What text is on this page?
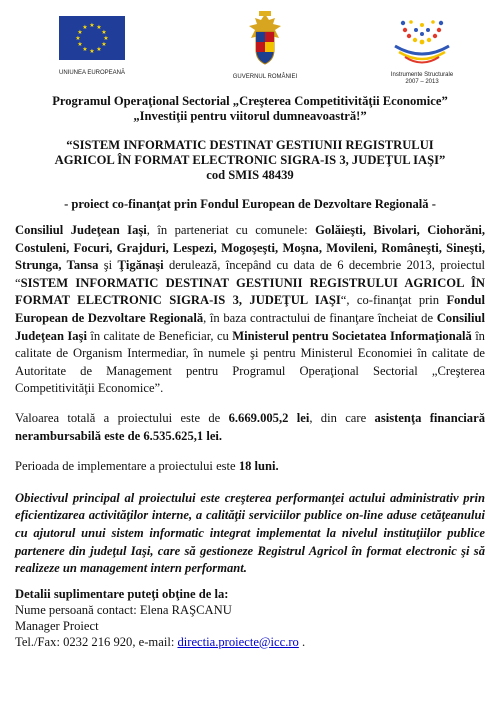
★ ★
★
★
★
★
★
★
★
★
★
★
UNIUNEA EUROPEANĂ
GUVERNUL ROMÂNIEI	Instrumente Structurale
2007 – 2013
Programul Operaţional Sectorial „Creşterea Competitivităţii Economice”
„Investiţii pentru viitorul dumneavoastră!”
“SISTEM INFORMATIC DESTINAT GESTIUNII REGISTRULUI
AGRICOL ÎN FORMAT ELECTRONIC SIGRA-IS 3, JUDEŢUL IAŞI”
cod SMIS 48439
- proiect co-finanţat prin Fondul European de Dezvoltare Regională -

Consiliul Judeţean Iaşi, în parteneriat cu comunele: Golăieşti, Bivolari, Ciohorăni, Costuleni, Focuri, Grajduri, Lespezi, Mogoşeşti, Moşna, Movileni, Româneşti, Sineşti, Strunga, Tansa şi Ţigănaşi derulează, începând cu data de 6 decembrie 2013, proiectul “SISTEM INFORMATIC DESTINAT GESTIUNII REGISTRULUI AGRICOL ÎN FORMAT ELECTRONIC SIGRA-IS 3, JUDEŢUL IAŞI“, co-finanţat prin Fondul European de Dezvoltare Regională, în baza contractului de finanţare încheiat de Consiliul Judeţean Iaşi în calitate de Beneficiar, cu Ministerul pentru Societatea Informaţională în calitate de Organism Intermediar, în numele şi pentru Ministerul Economiei în calitate de Autoritate de Management pentru Programul Operaţional Sectorial „Creşterea Competitivităţii Economice”.

Valoarea totală a proiectului este de 6.669.005,2 lei, din care asistenţa financiară nerambursabilă este de 6.535.625,1 lei.

Perioada de implementare a proiectului este 18 luni.

Obiectivul principal al proiectului este creşterea performanţei actului administrativ prin eficientizarea activităţilor interne, a calităţii serviciilor publice on-line aduse cetăţeanului cu ajutorul unui sistem informatic integrat implementat la nivelul instituţiilor publice partenere din judeţul Iaşi, care să gestioneze Registrul Agricol în format electronic şi să realizeze un management intern performant.

Detalii suplimentare puteţi obţine de la:
Nume persoană contact: Elena RAŞCANU
Manager Proiect
Tel./Fax: 0232 216 920, e-mail: directia.proiecte@icc.ro .
